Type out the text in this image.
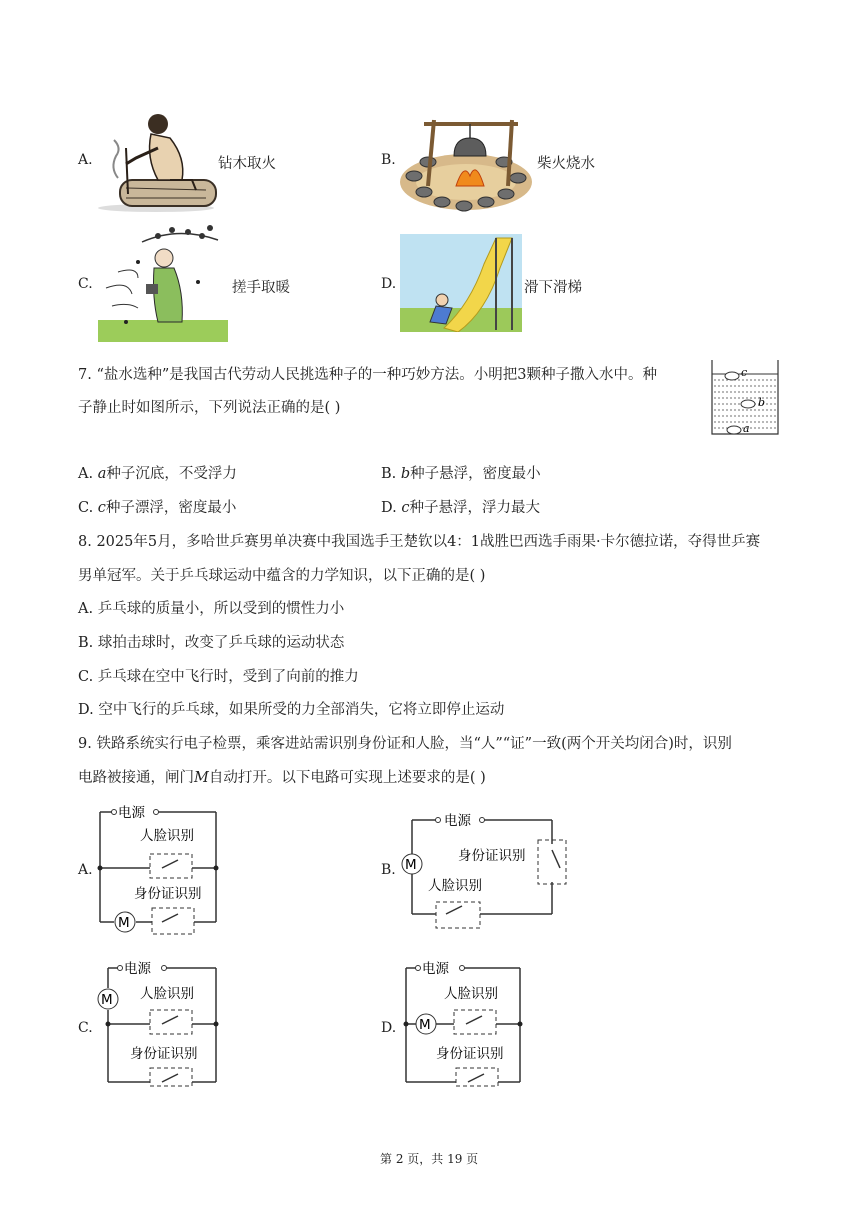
A.	钻木取火	B.	柴火烧水
C.	搓手取暖	D.	滑下滑梯
7. “盐水选种”是我国古代劳动人民挑选种子的一种巧妙方法。小明把3颗种子撒入水中。种
子静止时如图所示，下列说法正确的是( )
c
b
a
A. a种子沉底，不受浮力	B. b种子悬浮，密度最小
C. c种子漂浮，密度最小	D. c种子悬浮，浮力最大
8. 2025年5月，多哈世乒赛男单决赛中我国选手王楚钦以4：1战胜巴西选手雨果·卡尔德拉诺，夺得世乒赛
男单冠军。关于乒乓球运动中蕴含的力学知识，以下正确的是( )
A. 乒乓球的质量小，所以受到的惯性力小
B. 球拍击球时，改变了乒乓球的运动状态
C. 乒乓球在空中飞行时，受到了向前的推力
D. 空中飞行的乒乓球，如果所受的力全部消失，它将立即停止运动
9. 铁路系统实行电子检票，乘客进站需识别身份证和人脸，当“人”“证”一致(两个开关均闭合)时，识别
电路被接通，闸门M自动打开。以下电路可实现上述要求的是( )
A.
M
电源
人脸识别
身份证识别
B. M
电源
身份证识别
人脸识别
C.
M
电源
人脸识别
身份证识别
D. M
电源
人脸识别
身份证识别
第 2 页，共 19 页
